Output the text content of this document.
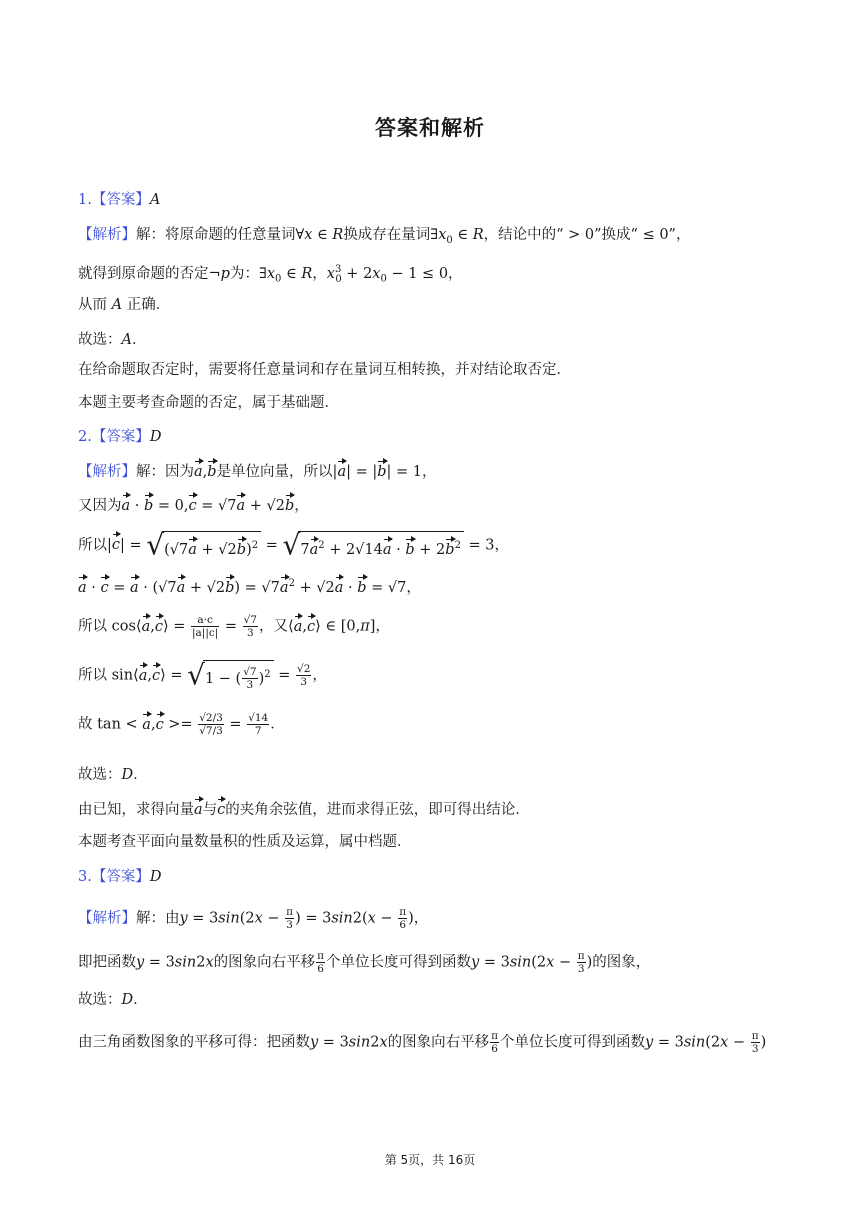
答案和解析
1.【答案】A
【解析】解：将原命题的任意量词∀x ∈ R换成存在量词$\exists x_0$ ∈ R，结论中的“ > 0”换成“ ≤ 0”，
就得到原命题的否定¬p为：$\exists x_0$ ∈ R，$x^3_0 + 2x_0 - 1 \le 0$，
从而 A 正确．
故选：A．
在给命题取否定时，需要将任意量词和存在量词互相转换，并对结论取否定．
本题主要考查命题的否定，属于基础题．
2.【答案】D
【解析】解：因为a,b是单位向量，所以|a| = |b| = 1，
又因为a · b = 0,c = √7a + √2b，
所以$|c| = √(√7a + √2b)^2 = √7a^2 + 2√14a \cdot b + 2b^2 = 3$，
$a \cdot c = a \cdot (√7a + √2b) = √7a^2 + √2a \cdot b = √7$，
所以 cos⟨a,c⟩ = $\frac{a\cdot c}{|a||c|} = \frac{√7}{3}$ ，又⟨a,c⟩ ∈ [0,π]，
所以 sin⟨a,c⟩ = √1 − ( $\frac{√7}{3} )^2 = \frac{√2}{3}$ ，
故 $\tan < a,c >= \frac{√2/3}{√7/3} = \frac{√14}{7}$ ．
故选：D．
由已知，求得向量a与c的夹角余弦值，进而求得正弦，即可得出结论．
本题考查平面向量数量积的性质及运算，属中档题．
3.【答案】D
【解析】解：由$y = 3\sin(2x - \frac{\pi}{3}$ ) = $3\sin 2(x - \frac{\pi}{6}$ )，
即把函数y = 3sin2x的图象向右平移 $\frac{\pi}{6}$ 个单位长度可得到函数$y = 3\sin(2x - \frac{\pi}{3}$ )的图象，
故选：D．
由三角函数图象的平移可得：把函数y = 3sin2x的图象向右平移 $\frac{\pi}{6}$ 个单位长度可得到函数$y = 3\sin(2x - \frac{\pi}{3}$ )
第 5页，共 16页
